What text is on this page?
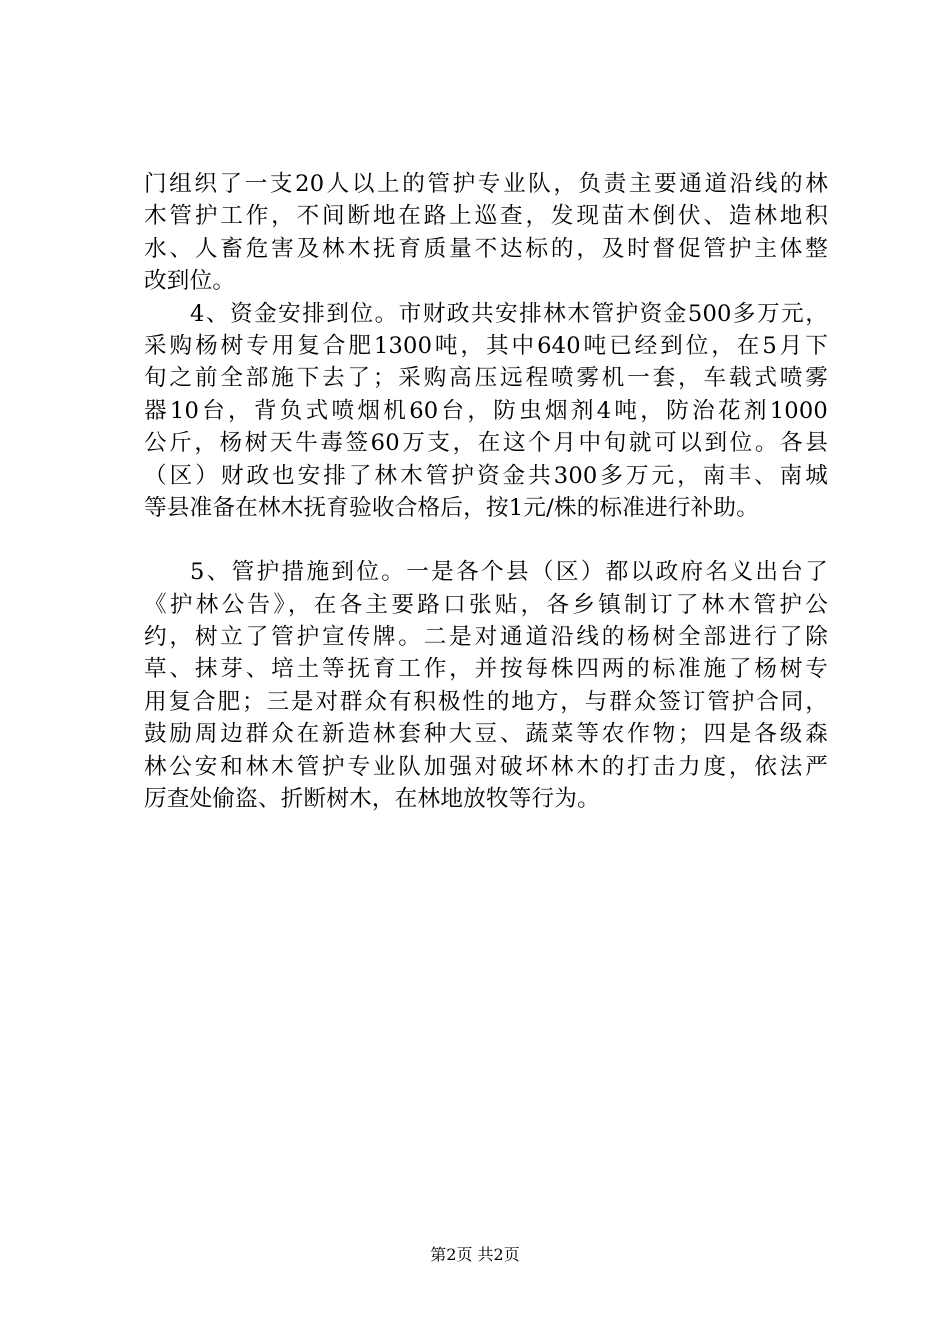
门组织了一支20人以上的管护专业队，负责主要通道沿线的林
木管护工作，不间断地在路上巡查，发现苗木倒伏、造林地积
水、人畜危害及林木抚育质量不达标的，及时督促管护主体整
改到位。
4、资金安排到位。市财政共安排林木管护资金500多万元，
采购杨树专用复合肥1300吨，其中640吨已经到位，在5月下
旬之前全部施下去了；采购高压远程喷雾机一套，车载式喷雾
器10台，背负式喷烟机60台，防虫烟剂4吨，防治花剂1000
公斤，杨树天牛毒签60万支，在这个月中旬就可以到位。各县
（区）财政也安排了林木管护资金共300多万元，南丰、南城
等县准备在林木抚育验收合格后，按1元/株的标准进行补助。
5、管护措施到位。一是各个县（区）都以政府名义出台了
《护林公告》，在各主要路口张贴，各乡镇制订了林木管护公
约，树立了管护宣传牌。二是对通道沿线的杨树全部进行了除
草、抹芽、培土等抚育工作，并按每株四两的标准施了杨树专
用复合肥；三是对群众有积极性的地方，与群众签订管护合同，
鼓励周边群众在新造林套种大豆、蔬菜等农作物；四是各级森
林公安和林木管护专业队加强对破坏林木的打击力度，依法严
厉查处偷盗、折断树木，在林地放牧等行为。
第2页 共2页
